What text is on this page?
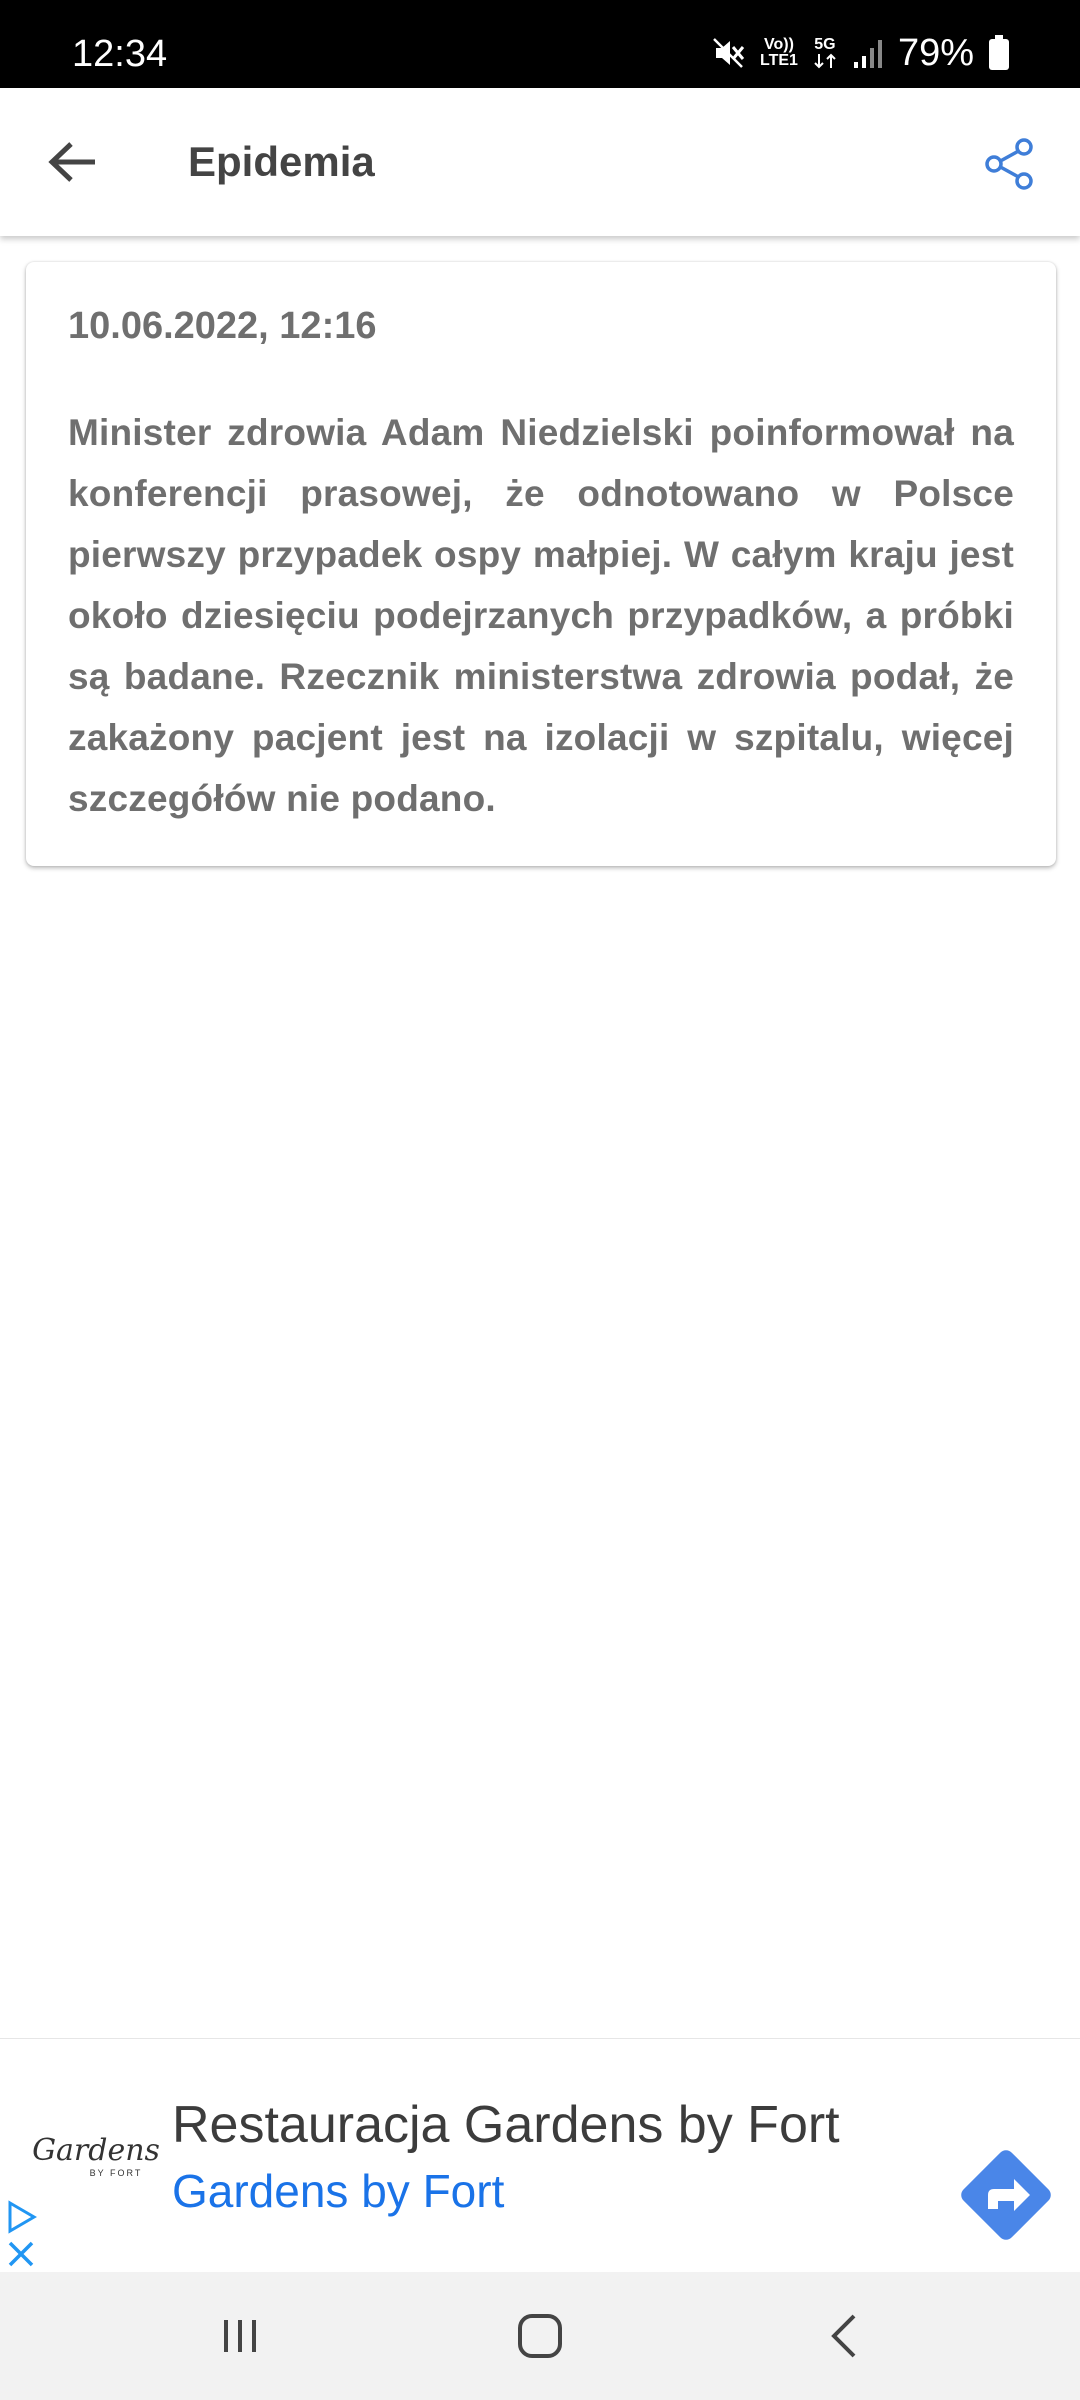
12:34	Vo))
LTE1
5G 79%
Epidemia
10.06.2022, 12:16
Minister zdrowia Adam Niedzielski poinformował na konferencji prasowej, że odnotowano w Polsce pierwszy przypadek ospy małpiej. W całym kraju jest około dziesięciu podejrzanych przypadków, a próbki są badane. Rzecznik ministerstwa zdrowia podał, że zakażony pacjent jest na izolacji w szpitalu, więcej szczegółów nie podano.
Gardens
BY FORT
Restauracja Gardens by Fort
Gardens by Fort
